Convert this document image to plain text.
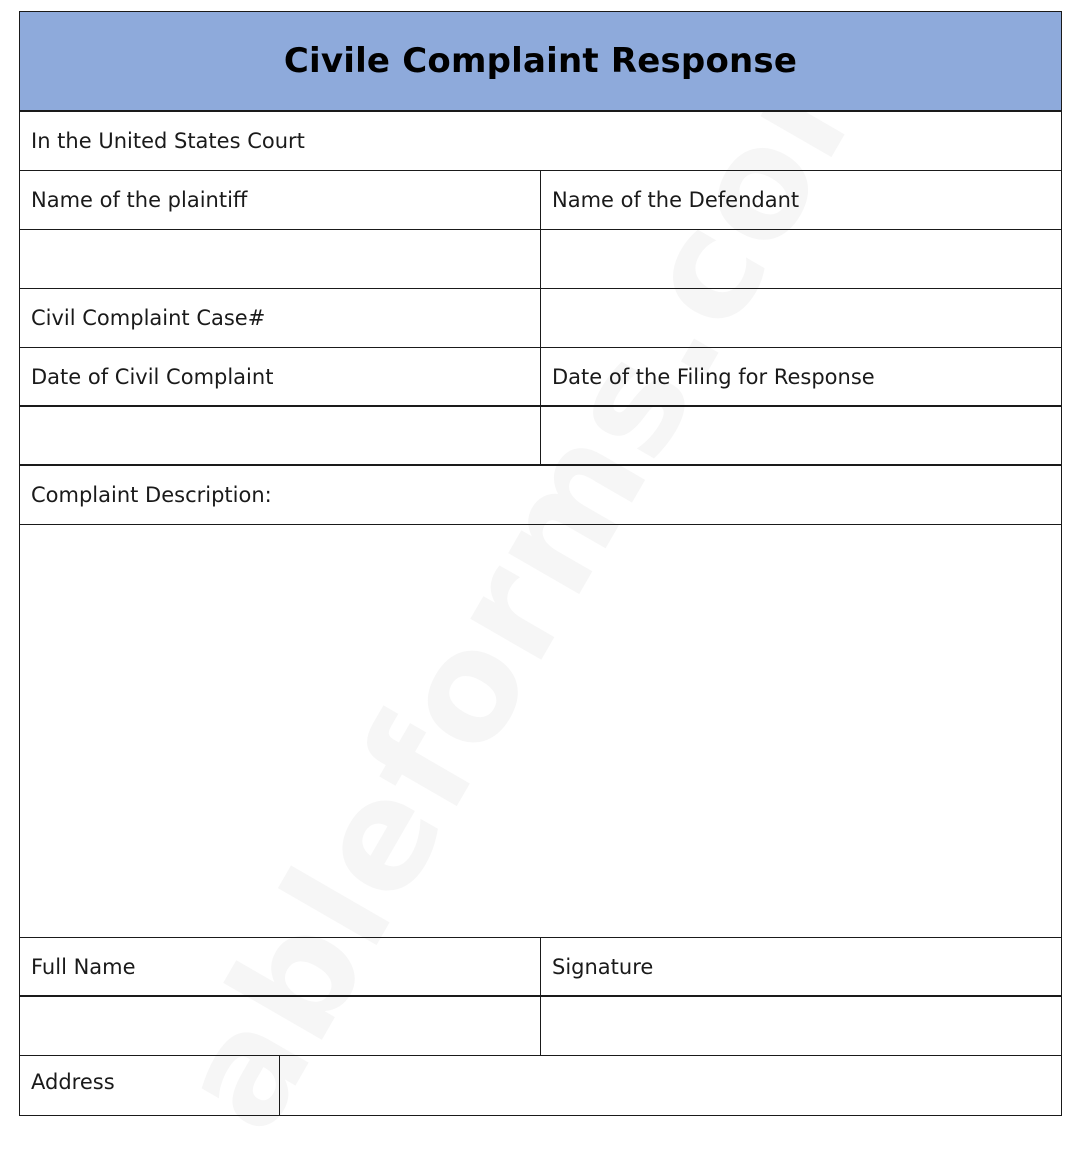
Civile Complaint Response
In the United States Court
Name of the plaintiff	Name of the Defendant
Civil Complaint Case#
Date of Civil Complaint	Date of the Filing for Response
Complaint Description:
Full Name	Signature
Address
